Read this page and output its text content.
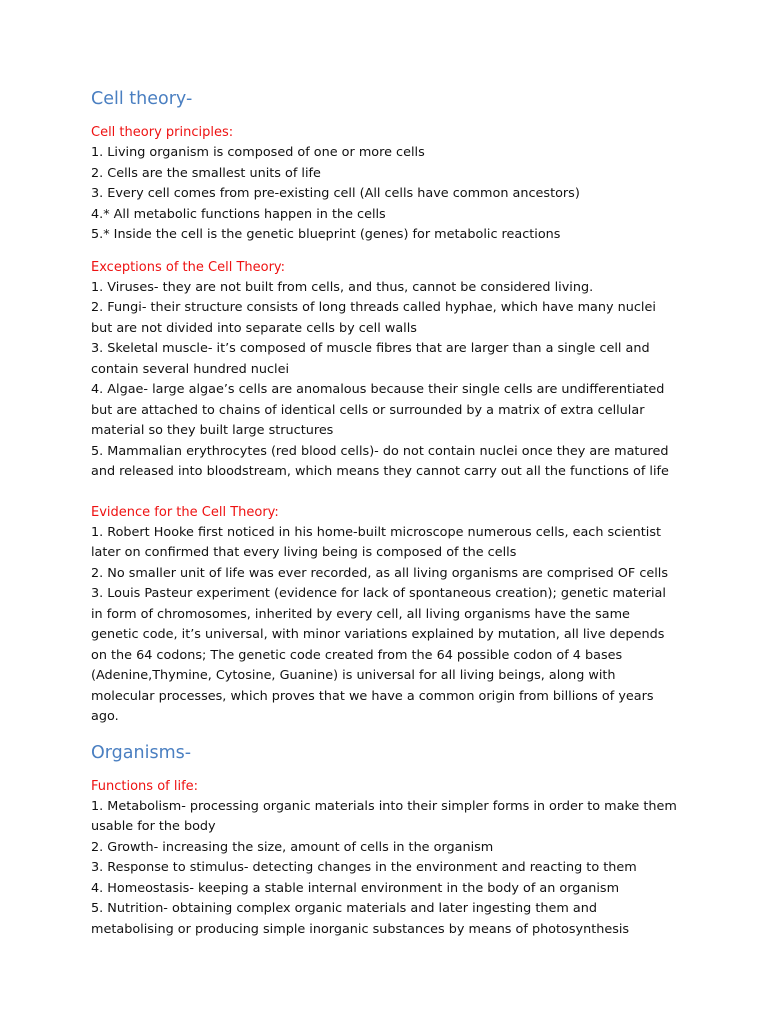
Cell theory-
Cell theory principles:

1. Living organism is composed of one or more cells

2. Cells are the smallest units of life

3. Every cell comes from pre-existing cell (All cells have common ancestors)

4.* All metabolic functions happen in the cells

5.* Inside the cell is the genetic blueprint (genes) for metabolic reactions

Exceptions of the Cell Theory:

1. Viruses- they are not built from cells, and thus, cannot be considered living.

2. Fungi- their structure consists of long threads called hyphae, which have many nuclei but are not divided into separate cells by cell walls

3. Skeletal muscle- it’s composed of muscle fibres that are larger than a single cell and contain several hundred nuclei

4. Algae- large algae’s cells are anomalous because their single cells are undifferentiated but are attached to chains of identical cells or surrounded by a matrix of extra cellular material so they built large structures

5. Mammalian erythrocytes (red blood cells)- do not contain nuclei once they are matured and released into bloodstream, which means they cannot carry out all the functions of life

Evidence for the Cell Theory:

1. Robert Hooke first noticed in his home-built microscope numerous cells, each scientist later on confirmed that every living being is composed of the cells

2. No smaller unit of life was ever recorded, as all living organisms are comprised OF cells

3. Louis Pasteur experiment (evidence for lack of spontaneous creation); genetic material in form of chromosomes, inherited by every cell, all living organisms have the same genetic code, it’s universal, with minor variations explained by mutation, all live depends on the 64 codons; The genetic code created from the 64 possible codon of 4 bases (Adenine,Thymine, Cytosine, Guanine) is universal for all living beings, along with molecular processes, which proves that we have a common origin from billions of years ago.

Organisms-
Functions of life:

1. Metabolism- processing organic materials into their simpler forms in order to make them usable for the body

2. Growth- increasing the size, amount of cells in the organism

3. Response to stimulus- detecting changes in the environment and reacting to them

4. Homeostasis- keeping a stable internal environment in the body of an organism

5. Nutrition- obtaining complex organic materials and later ingesting them and metabolising or producing simple inorganic substances by means of photosynthesis
